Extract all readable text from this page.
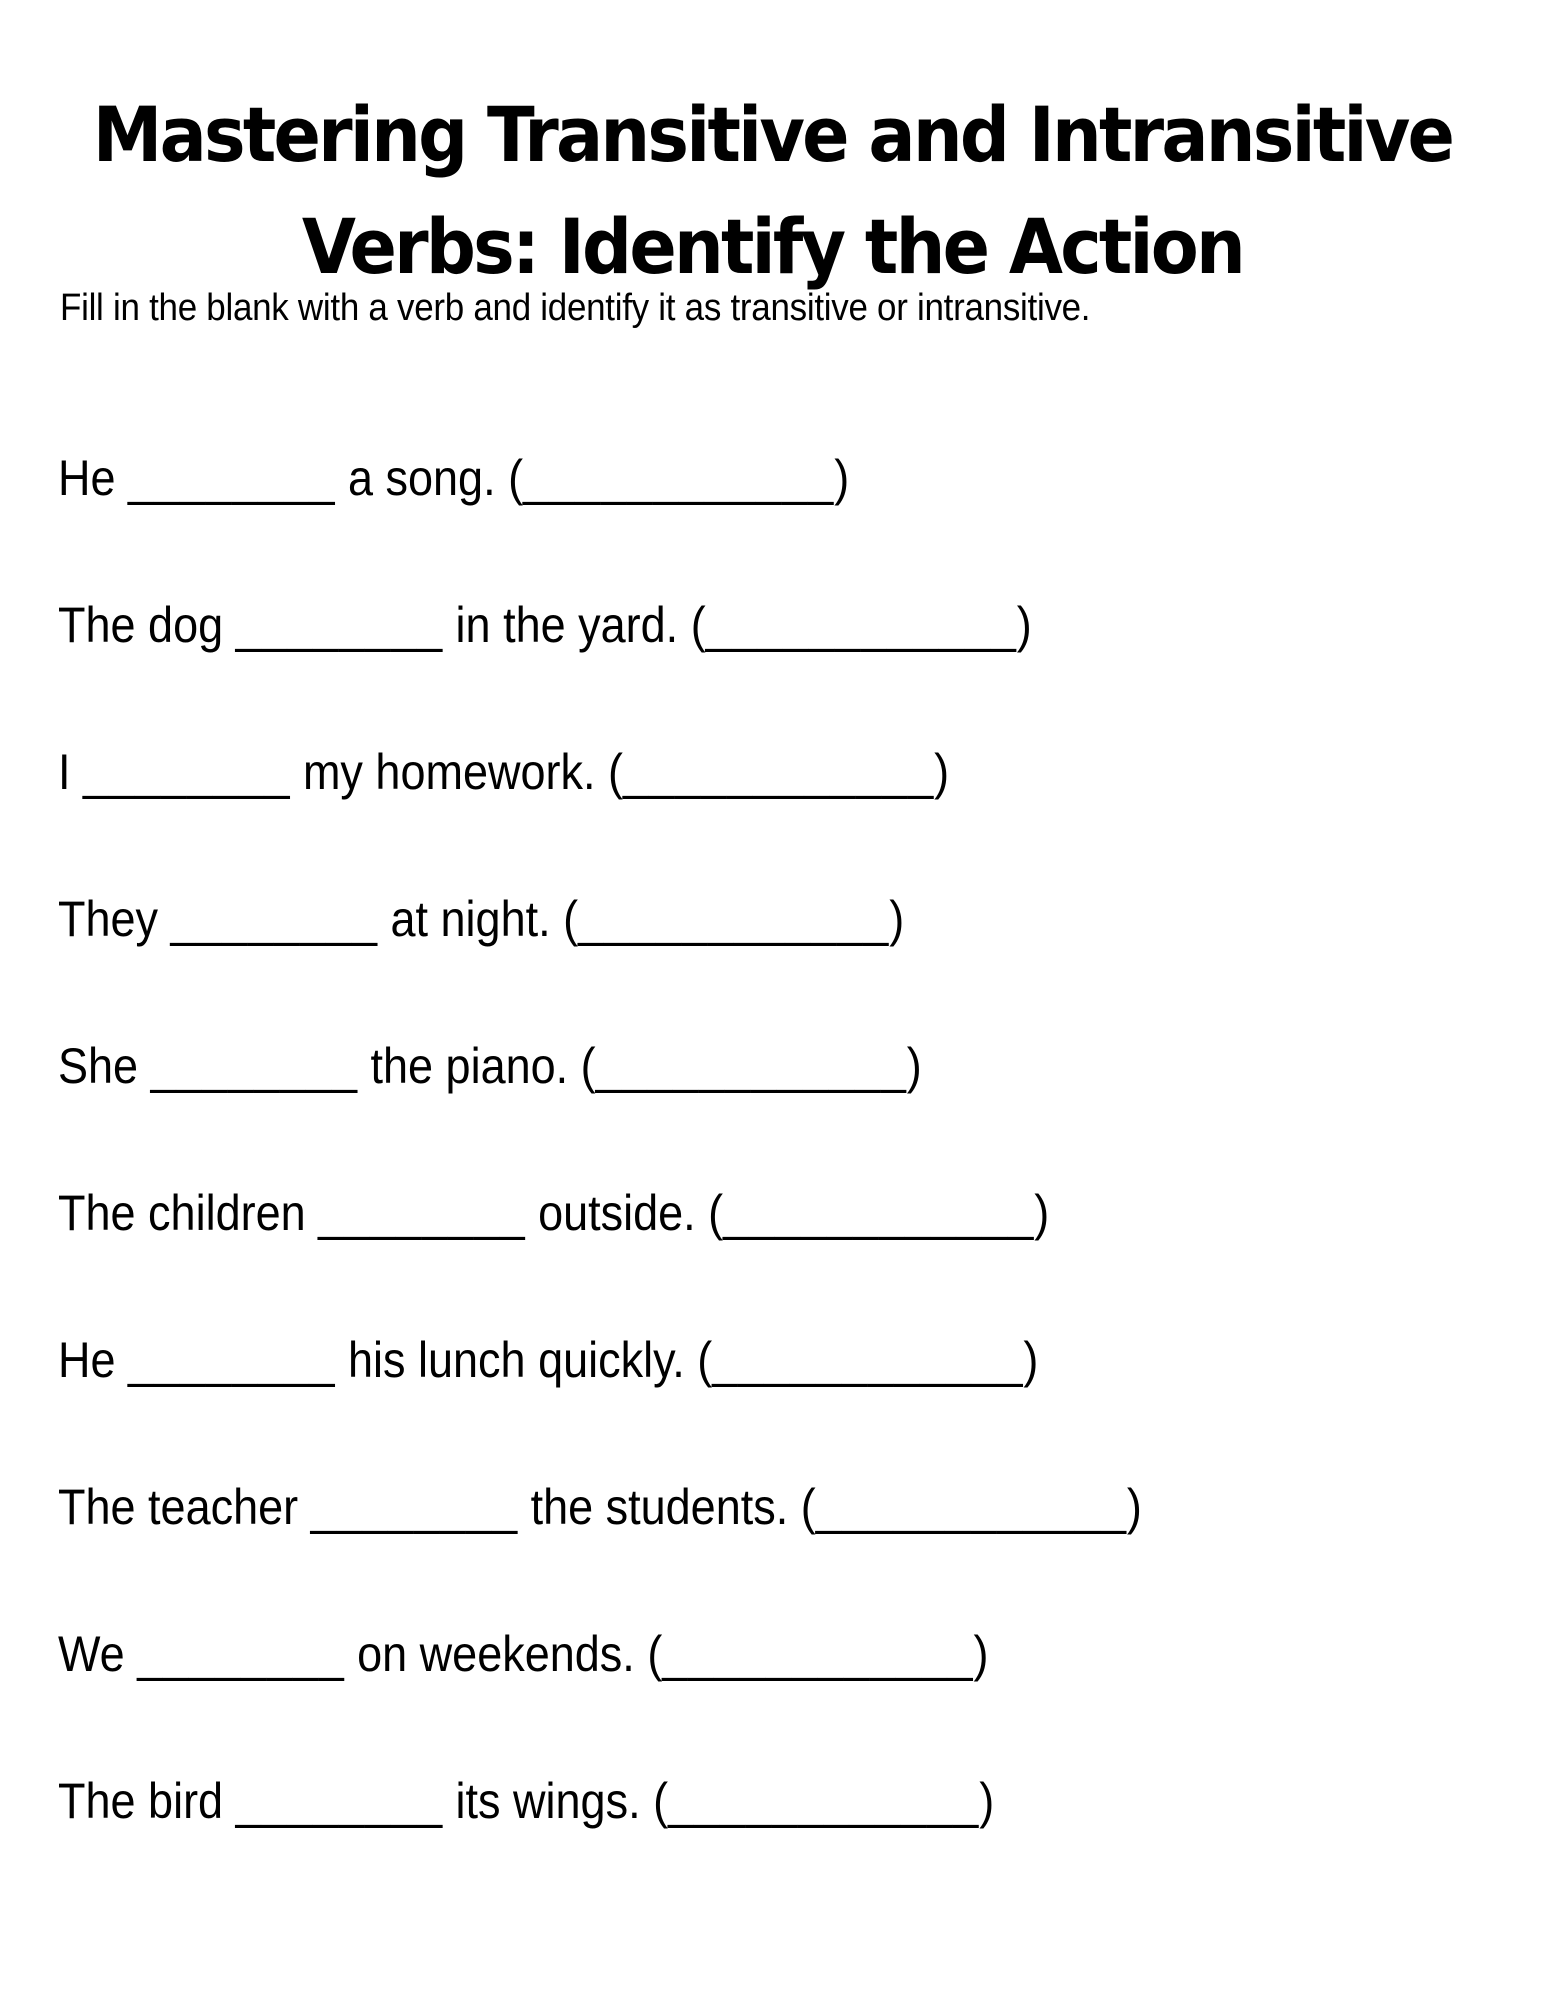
Mastering Transitive and Intransitive
Verbs: Identify the Action
Fill in the blank with a verb and identify it as transitive or intransitive.
He ________ a song. (____________)
The dog ________ in the yard. (____________)
I ________ my homework. (____________)
They ________ at night. (____________)
She ________ the piano. (____________)
The children ________ outside. (____________)
He ________ his lunch quickly. (____________)
The teacher ________ the students. (____________)
We ________ on weekends. (____________)
The bird ________ its wings. (____________)
